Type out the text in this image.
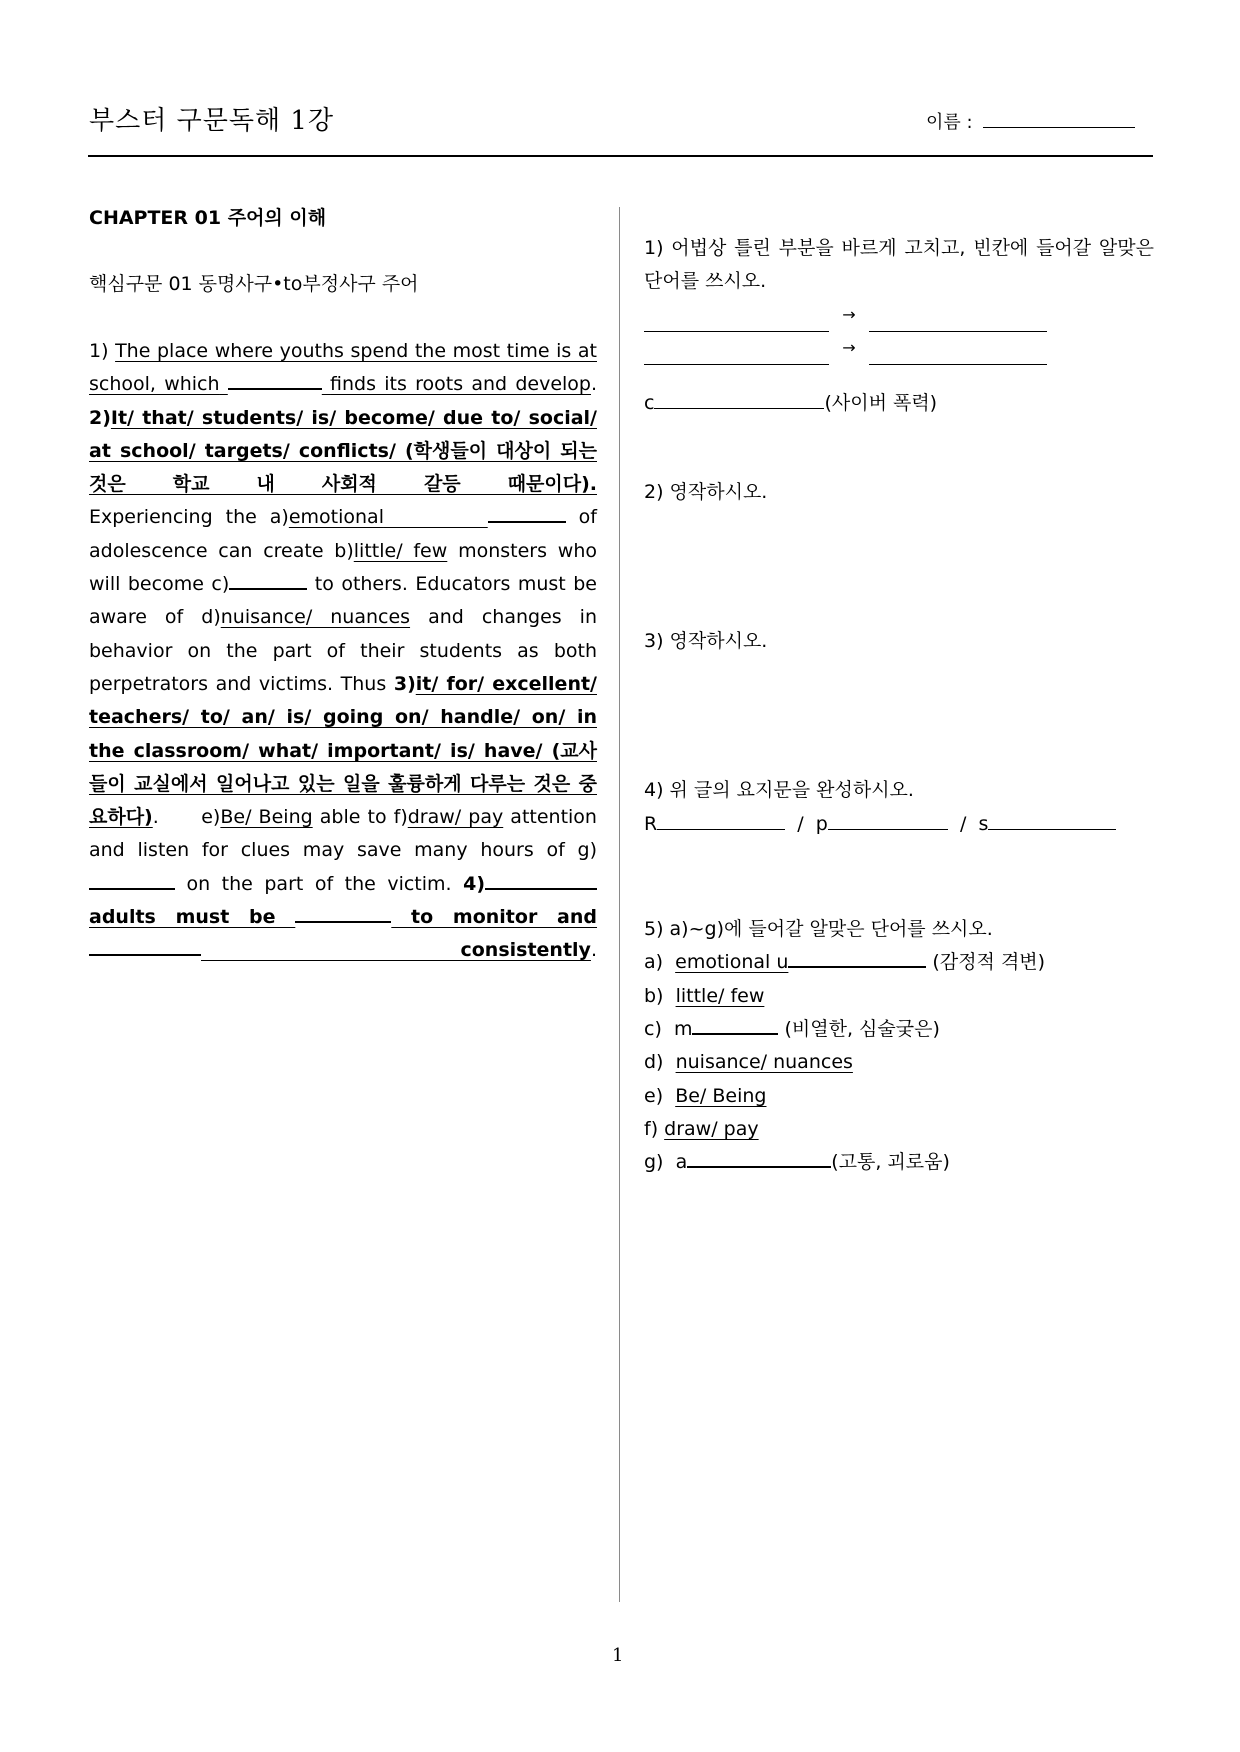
부스터 구문독해 1강	이름 :

CHAPTER 01 주어의 이해

핵심구문 01 동명사구•to부정사구 주어

1) The place where youths spend the most time is at school, which	finds its roots and develop. 2)It/ that/ students/ is/ become/ due to/ social/ at school/ targets/ conflicts/ (학생들이 대상이 되는 것은 학교 내 사회적 갈등 때문이다).
Experiencing the a)emotional	of adolescence can create b)little/ few monsters who will become c)	to others. Educators must be aware of d)nuisance/ nuances and changes in behavior on the part of their students as both perpetrators and victims. Thus 3)it/ for/ excellent/ teachers/ to/ an/ is/ going on/ handle/ on/ in the classroom/ what/ important/ is/ have/ (교사들이 교실에서 일어나고 있는 일을 훌륭하게 다루는 것은 중요하다).      e)Be/ Being able to f)draw/ pay attention and listen for clues may save many hours of g) on the part of the victim. 4) adults must be	to monitor and  consistently.

1) 어법상 틀린 부분을 바르게 고치고, 빈칸에 들어갈 알맞은 단어를 쓰시오.

→
→
c	(사이버 폭력)

2) 영작하시오.

3) 영작하시오.

4) 위 글의 요지문을 완성하시오.

R	/ p	/ s

5) a)~g)에 들어갈 알맞은 단어를 쓰시오.

a) emotional u	(감정적 격변)
b) little/ few
c) m	(비열한, 심술궂은)
d) nuisance/ nuances
e) Be/ Being
f) draw/ pay
g) a	(고통, 괴로움)
1
